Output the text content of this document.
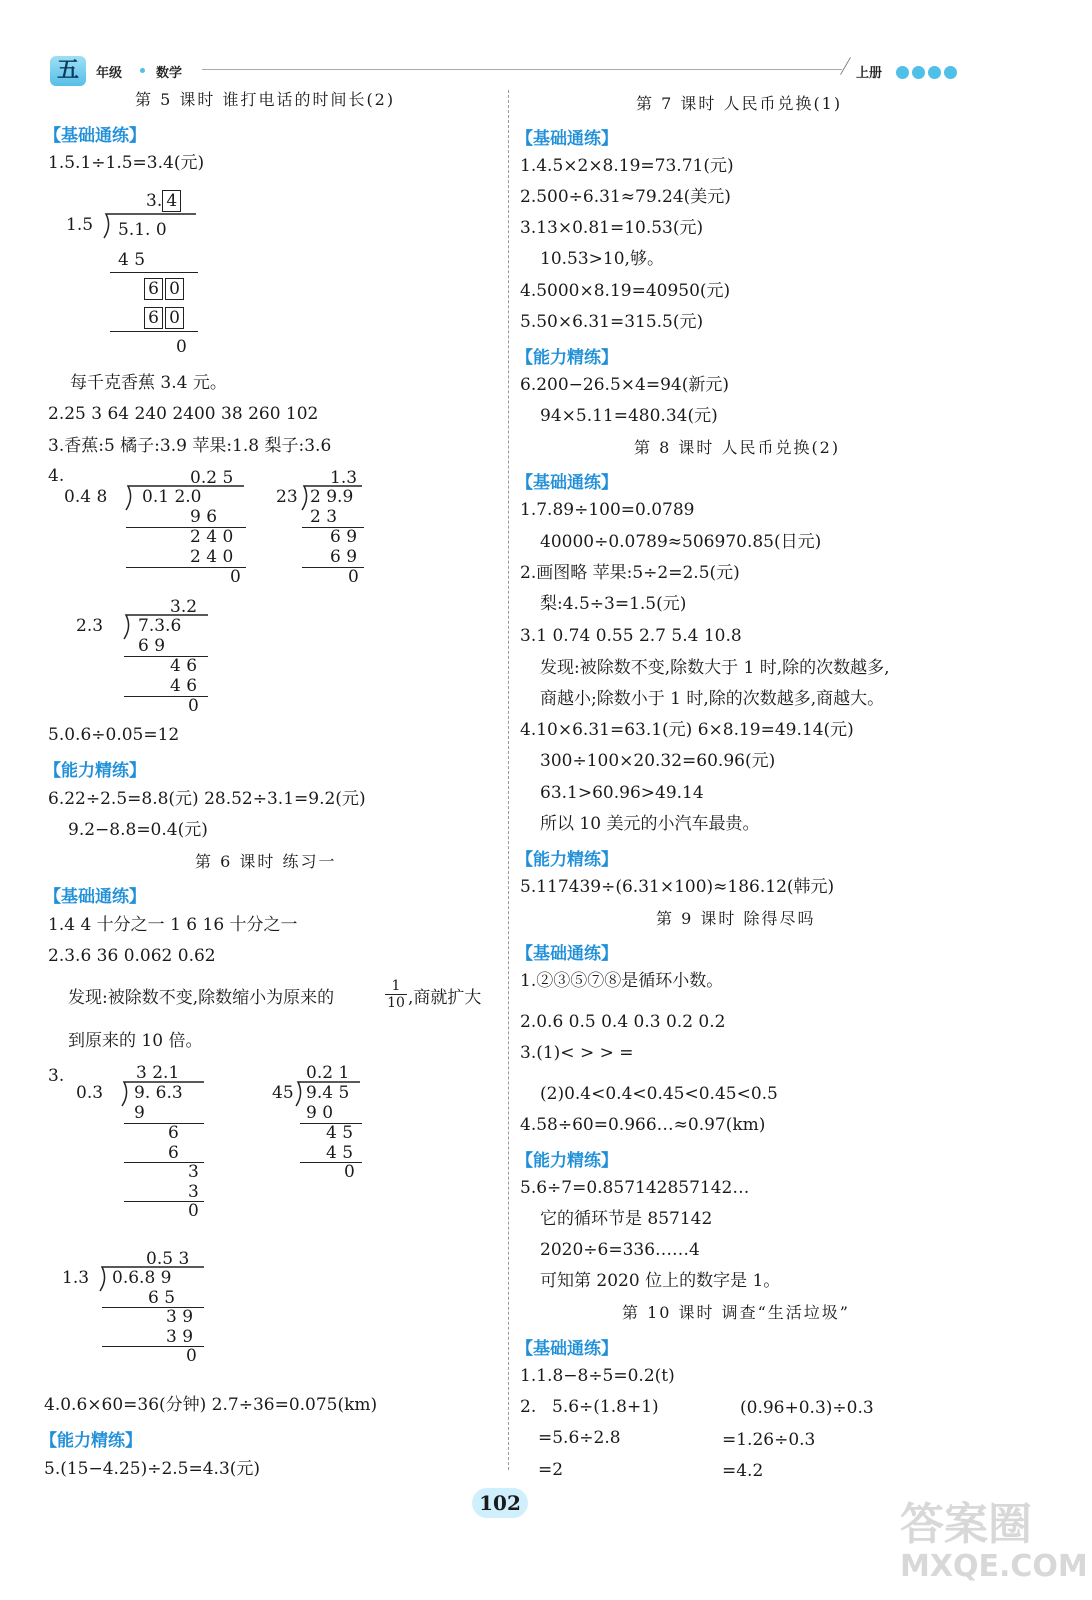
五	年级	数学	上册
第 5 课时 谁打电话的时间长(2)
【基础通练】
1.5.1÷1.5=3.4(元)
3. 4
1.5 5.1. 0
4 5
6 0
6 0
0
每千克香蕉 3.4 元。
2.25 3 64 240 2400 38 260 102
3.香蕉:5 橘子:3.9 苹果:1.8 梨子:3.6
4.	0.2 5
0.4 8 0.1 2.0
9 6
2 4 0
2 4 0
0
1.3
23 2 9.9
2 3
6 9
6 9
0
3.2
2.3 7.3.6
6 9
4 6
4 6
0
5.0.6÷0.05=12
【能力精练】
6.22÷2.5=8.8(元) 28.52÷3.1=9.2(元)
9.2−8.8=0.4(元)
第 6 课时 练习一
【基础通练】
1.4 4 十分之一 1 6 16 十分之一
2.3.6 36 0.062 0.62
发现:被除数不变,除数缩小为原来的
1
10 ,商就扩大
到原来的 10 倍。
3.	3 2.1
0.3 9. 6.3
9
6
6
3
3
0
0.2 1
45 9.4 5
9 0
4 5
4 5
0
0.5 3
1.3 0.6.8 9
6 5
3 9
3 9
0
4.0.6×60=36(分钟) 2.7÷36=0.075(km)
【能力精练】
5.(15−4.25)÷2.5=4.3(元)
第 7 课时 人民币兑换(1)
【基础通练】
1.4.5×2×8.19=73.71(元)
2.500÷6.31≈79.24(美元)
3.13×0.81=10.53(元)
10.53>10,够。
4.5000×8.19=40950(元)
5.50×6.31=315.5(元)
【能力精练】
6.200−26.5×4=94(新元)
94×5.11=480.34(元)
第 8 课时 人民币兑换(2)
【基础通练】
1.7.89÷100=0.0789
40000÷0.0789≈506970.85(日元)
2.画图略 苹果:5÷2=2.5(元)
梨:4.5÷3=1.5(元)
3.1 0.74 0.55 2.7 5.4 10.8
发现:被除数不变,除数大于 1 时,除的次数越多,
商越小;除数小于 1 时,除的次数越多,商越大。
4.10×6.31=63.1(元) 6×8.19=49.14(元)
300÷100×20.32=60.96(元)
63.1>60.96>49.14
所以 10 美元的小汽车最贵。
【能力精练】
5.117439÷(6.31×100)≈186.12(韩元)
第 9 课时 除得尽吗
【基础通练】
1.②③⑤⑦⑧是循环小数。
2.0.6 0.5 0.4 0.3 0.2 0.2
3.(1)< > > =
(2)0.4<0.4<0.45<0.45<0.5
4.58÷60=0.966…≈0.97(km)
【能力精练】
5.6÷7=0.857142857142…
它的循环节是 857142
2020÷6=336……4
可知第 2020 位上的数字是 1。
第 10 课时 调查“生活垃圾”
【基础通练】
1.1.8−8÷5=0.2(t)
2. 5.6÷(1.8+1)
=5.6÷2.8
=2
(0.96+0.3)÷0.3
=1.26÷0.3
=4.2
102	答案圈
MXQE.COM
